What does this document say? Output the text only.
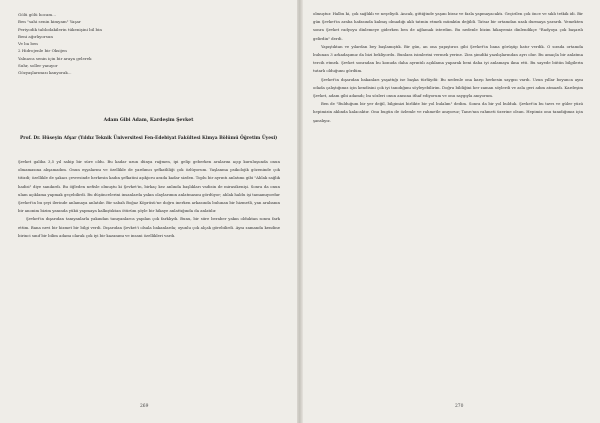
Gölü gölü hocam...
Ben "sahi senin kimyam" Yaşar
Periyodik tablodakilerin tükenişini bil bin
Beni ağırlıyorsun
Ve ba ben
2 Hidrojenle bir Oksijen
Yalnızca senin için bir araya gelerek
Suhr, soller yanıyor
Gözyaşlarımızı kanyorak...
Adam Gibi Adam, Kardeşim Şevket
Prof. Dr. Hüseyin Afşar (Yıldız Teknik Üniversitesi Fen-Edebiyat Fakültesi Kimya Bölümü Öğretim Üyesi)

Şevket galiba 3,5 yıl sahip bir süre oldu. Bu kadar uzun dünya rağmen, ipi gelip geberken aralarını açıp kuruluşunda onun olmamasına alışamadım. Onun eşyalarını ve özellikle de yardımcı şefkatliliği çok özlüyorum. Yaşlanma psikolojik gözeninde çok titizdi; özellikle de şakacı çevresinde herkesin kadın şefkatini aşıkjoru arada kadar sizden. Toplu bir ayrıntı anlatımı gibi "Ahlak sağlık hadisi" diye sanıkırdı. Bu öğleden nefisle olmuştu ki Şevket'in, birkaç kez anlında başlıkları vadisin de mirasikenişi. Sonra da onun ulam açıklama yapmak geçebilirdi. Bu düşüncelerini insanlarda yakın olaylarımın anlatmasını gördüyor; ahlak haldu işi tamamıyordur Şevket'in bu şeyi ilerinde anlamaya anlatılır. Bir sabah Boğaz Köprüsü'ne doğru inerken arkasında bulunan bir hizmetli, yan arabanın bir anonim bizim yanında yükü yapmaya kalkıştıktan ötürüm şöyle bir hikaye anlattığında da anlatılır.

Şevket'in dışarıdan tanıyanlarla yakından tanıyanlarca yapılan çok farklıydı. Bunu, bir süre beraber yakın olduktan sonra fark ettim. Bana nevi bir hizmet bir bilgi verdi. Dışarıdan Şevket'i olsala bakanlarda; oyunlu çok alçak görebilirdi. Aynı zamanda kendine birinci sınıf bir bilim adamı olarak çok iyi bir kazanımı ve insani özellikleri vardı.

269

olmuştur. Halbu ki, çok sağlıklı ve neşeliydi. Ancak, gittiğinde yaşını biraz ve fazla yapmayacaktı. Geçirilen çok önce ve sıklı tetkik idi. Bir gün Şevket'in araba hafasında kalmış olmadığı aklı tatmin etmek mümkün değildi. Tatsız bir ortamdan uzak durmaya yarardı. Yemekten sonra Şevket radyoyu dinlemeye giderken ben de ağlamak isterdim. Bu nedenle bizim hikayemiz dinlendikçe "Radyoya çok başarılı gelirdin" derdi.

Yapıştıktan ve yılardan bey başlamıştık. Bir gün, an ona yapıştırıcı gibi Şevket'in bana görüşüp hatır verdik. O sırada ortamda bulunan 3 arkadaşımız da bizi bekliyordu. Bunlara isimlerini vermek yerine. Zira şimdiki yazılışlarından ayrı olur. Bu amaçla bir anlatma tercih etmek. Şevket sonradan bu konuda daha ayrıntılı açıklama yaparak beni daha iyi anlamaya ikna etti. Bu sayede bütün bilgilerin tutarlı olduğunu gördüm.

Şevket'in dışarıdan bakanları yaşattığı ise başka türlüydü: Bu nedenle ona karşı herkesin saygısı vardı. Uzun yıllar boyunca aynı odada çalıştığımız için kendisini çok iyi tanıdığımı söyleyebilirim. Doğru bildiğini her zaman söylerdi ve asla geri adım atmazdı. Kardeşim Şevket, adam gibi adamdı; bu sözleri onun anısına ithaf ediyorum ve onu saygıyla anıyorum.

Ben de "Bulduğum bir yer değil, bilgimizi birlikte bir yol bulalım" dedim. Sonra da bir yol bulduk. Şevket'in bu tavrı ve güler yüzü hepimizin aklında kalacaktır. Onu bugün de özlemle ve rahmetle anıyoruz; Tanrı'nın rahmeti üzerine olsun. Hepimiz onu tanıdığımız için şanslıyız.

270
